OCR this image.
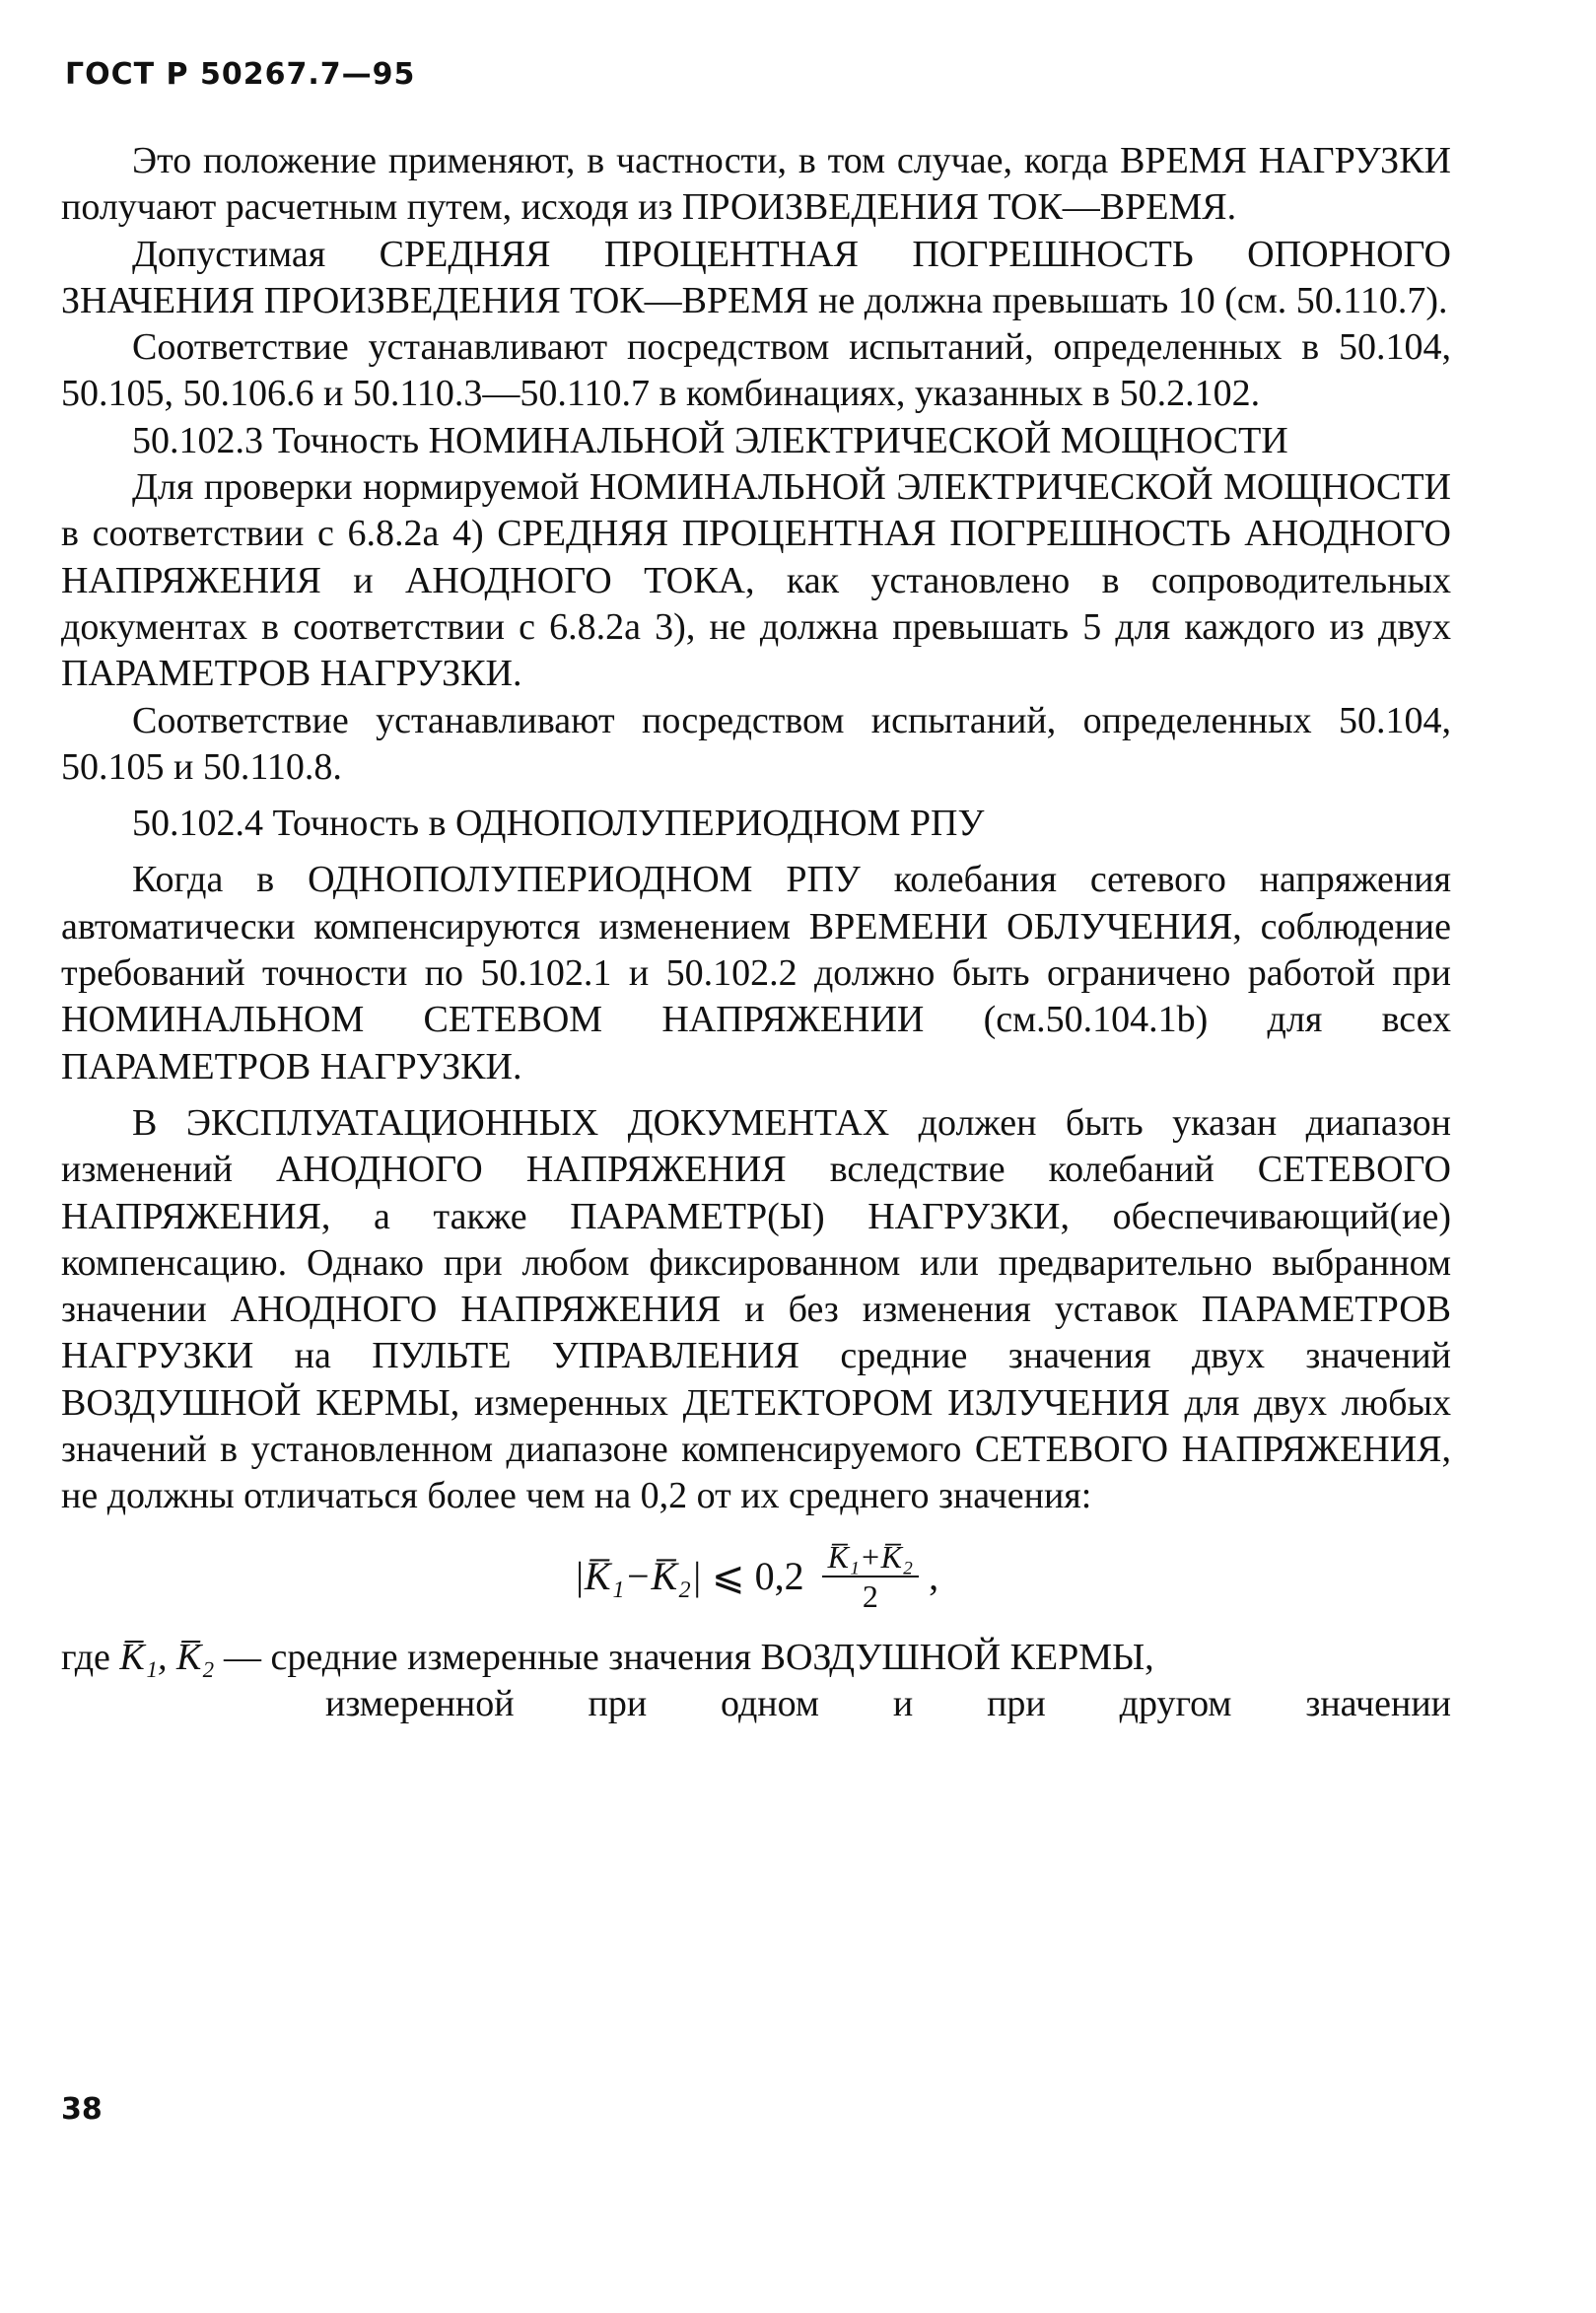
ГОСТ Р 50267.7—95

Это положение применяют, в частности, в том случае, когда ВРЕМЯ НАГРУЗКИ получают расчетным путем, исходя из ПРОИЗВЕДЕНИЯ ТОК—ВРЕМЯ.

Допустимая СРЕДНЯЯ ПРОЦЕНТНАЯ ПОГРЕШНОСТЬ ОПОРНОГО ЗНАЧЕНИЯ ПРОИЗВЕДЕНИЯ ТОК—ВРЕМЯ не должна превышать 10 (см. 50.110.7).

Соответствие устанавливают посредством испытаний, определенных в 50.104, 50.105, 50.106.6 и 50.110.3—50.110.7 в комбинациях, указанных в 50.2.102.

50.102.3 Точность НОМИНАЛЬНОЙ ЭЛЕКТРИЧЕСКОЙ МОЩНОСТИ

Для проверки нормируемой НОМИНАЛЬНОЙ ЭЛЕКТРИЧЕСКОЙ МОЩНОСТИ в соответствии с 6.8.2а 4) СРЕДНЯЯ ПРОЦЕНТНАЯ ПОГРЕШНОСТЬ АНОДНОГО НАПРЯЖЕНИЯ и АНОДНОГО ТОКА, как установлено в сопроводительных документах в соответствии с 6.8.2а 3), не должна превышать 5 для каждого из двух ПАРАМЕТРОВ НАГРУЗКИ.

Соответствие устанавливают посредством испытаний, определенных 50.104, 50.105 и 50.110.8.

50.102.4 Точность в ОДНОПОЛУПЕРИОДНОМ РПУ

Когда в ОДНОПОЛУПЕРИОДНОМ РПУ колебания сетевого напряжения автоматически компенсируются изменением ВРЕМЕНИ ОБЛУЧЕНИЯ, соблюдение требований точности по 50.102.1 и 50.102.2 должно быть ограничено работой при НОМИНАЛЬНОМ СЕТЕВОМ НАПРЯЖЕНИИ (см.50.104.1b) для всех ПАРАМЕТРОВ НАГРУЗКИ.

В ЭКСПЛУАТАЦИОННЫХ ДОКУМЕНТАХ должен быть указан диапазон изменений АНОДНОГО НАПРЯЖЕНИЯ вследствие колебаний СЕТЕВОГО НАПРЯЖЕНИЯ, а также ПАРАМЕТР(Ы) НАГРУЗКИ, обеспечивающий(ие) компенсацию. Однако при любом фиксированном или предварительно выбранном значении АНОДНОГО НАПРЯЖЕНИЯ и без изменения уставок ПАРАМЕТРОВ НАГРУЗКИ на ПУЛЬТЕ УПРАВЛЕНИЯ средние значения двух значений ВОЗДУШНОЙ КЕРМЫ, измеренных ДЕТЕКТОРОМ ИЗЛУЧЕНИЯ для двух любых значений в установленном диапазоне компенсируемого СЕТЕВОГО НАПРЯЖЕНИЯ, не должны отличаться более чем на 0,2 от их среднего значения:

|K̅₁−K̅₂| ⩽ $0,2 \frac{\text{K̅₁+K̅₂}}{2}$ ,
где
K̅₁, K̅₂
— средние измеренные значения ВОЗДУШНОЙ КЕРМЫ,
измеренной при одном и при другом значении
38
